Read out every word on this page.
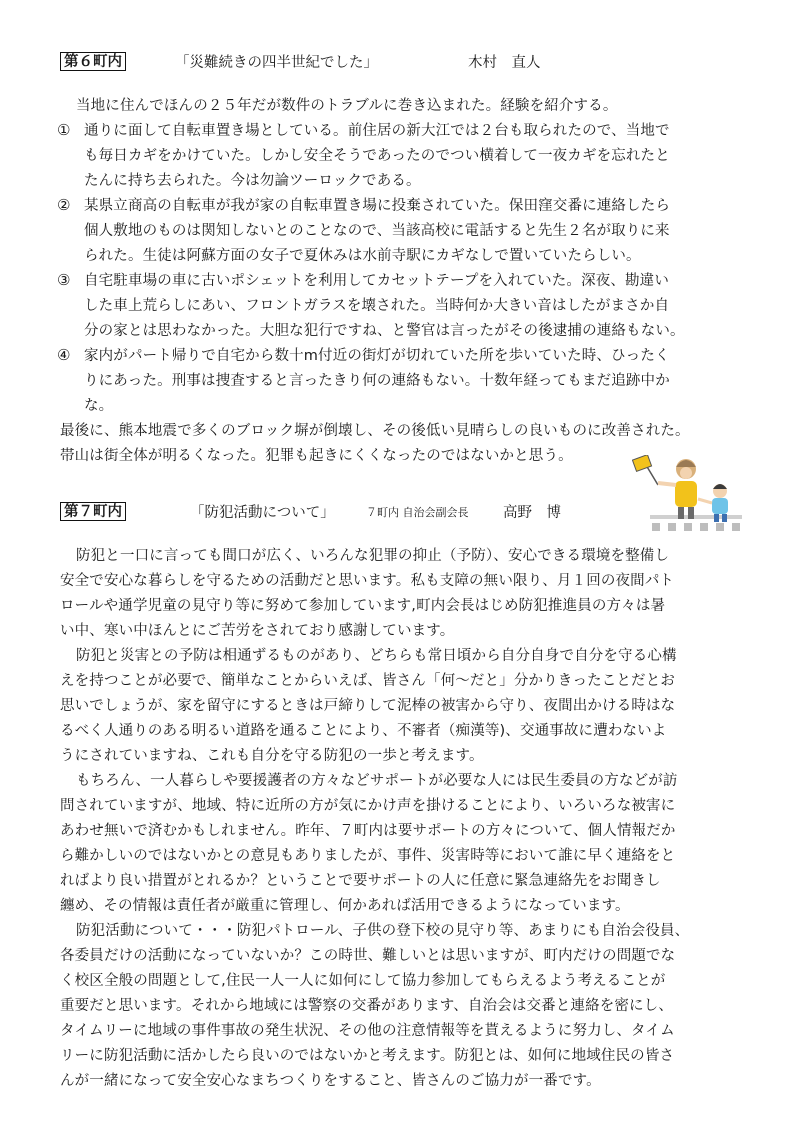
第６町内	「災難続きの四半世紀でした」	木村　直人
当地に住んでほんの２５年だが数件のトラブルに巻き込まれた。経験を紹介する。
① 通りに面して自転車置き場としている。前住居の新大江では２台も取られたので、当地で
も毎日カギをかけていた。しかし安全そうであったのでつい横着して一夜カギを忘れたと
たんに持ち去られた。今は勿論ツーロックである。
② 某県立商高の自転車が我が家の自転車置き場に投棄されていた。保田窪交番に連絡したら
個人敷地のものは関知しないとのことなので、当該高校に電話すると先生２名が取りに来
られた。生徒は阿蘇方面の女子で夏休みは水前寺駅にカギなしで置いていたらしい。
③ 自宅駐車場の車に古いポシェットを利用してカセットテープを入れていた。深夜、勘違い
した車上荒らしにあい、フロントガラスを壊された。当時何か大きい音はしたがまさか自
分の家とは思わなかった。大胆な犯行ですね、と警官は言ったがその後逮捕の連絡もない。
④ 家内がパート帰りで自宅から数十m付近の街灯が切れていた所を歩いていた時、ひったく
りにあった。刑事は捜査すると言ったきり何の連絡もない。十数年経ってもまだ追跡中か
な。
最後に、熊本地震で多くのブロック塀が倒壊し、その後低い見晴らしの良いものに改善された。
帯山は街全体が明るくなった。犯罪も起きにくくなったのではないかと思う。
第７町内	「防犯活動について」	７町内 自治会副会長 高野　博
防犯と一口に言っても間口が広く、いろんな犯罪の抑止（予防）、安心できる環境を整備し
安全で安心な暮らしを守るための活動だと思います。私も支障の無い限り、月１回の夜間パト
ロールや通学児童の見守り等に努めて参加しています,町内会長はじめ防犯推進員の方々は暑
い中、寒い中ほんとにご苦労をされており感謝しています。
防犯と災害との予防は相通ずるものがあり、どちらも常日頃から自分自身で自分を守る心構
えを持つことが必要で、簡単なことからいえば、皆さん「何～だと」分かりきったことだとお
思いでしょうが、家を留守にするときは戸締りして泥棒の被害から守り、夜間出かける時はな
るべく人通りのある明るい道路を通ることにより、不審者（痴漢等)、交通事故に遭わないよ
うにされていますね、これも自分を守る防犯の一歩と考えます。
もちろん、一人暮らしや要援護者の方々などサポートが必要な人には民生委員の方などが訪
問されていますが、地域、特に近所の方が気にかけ声を掛けることにより、いろいろな被害に
あわせ無いで済むかもしれません。昨年、７町内は要サポートの方々について、個人情報だか
ら難かしいのではないかとの意見もありましたが、事件、災害時等において誰に早く連絡をと
ればより良い措置がとれるか？ということで要サポートの人に任意に緊急連絡先をお聞きし
纏め、その情報は責任者が厳重に管理し、何かあれば活用できるようになっています。
防犯活動について・・・防犯パトロール、子供の登下校の見守り等、あまりにも自治会役員、
各委員だけの活動になっていないか？この時世、難しいとは思いますが、町内だけの問題でな
く校区全般の問題として,住民一人一人に如何にして協力参加してもらえるよう考えることが
重要だと思います。それから地域には警察の交番があります、自治会は交番と連絡を密にし、
タイムリーに地域の事件事故の発生状況、その他の注意情報等を貰えるように努力し、タイム
リーに防犯活動に活かしたら良いのではないかと考えます。防犯とは、如何に地域住民の皆さ
んが一緒になって安全安心なまちつくりをすること、皆さんのご協力が一番です。
